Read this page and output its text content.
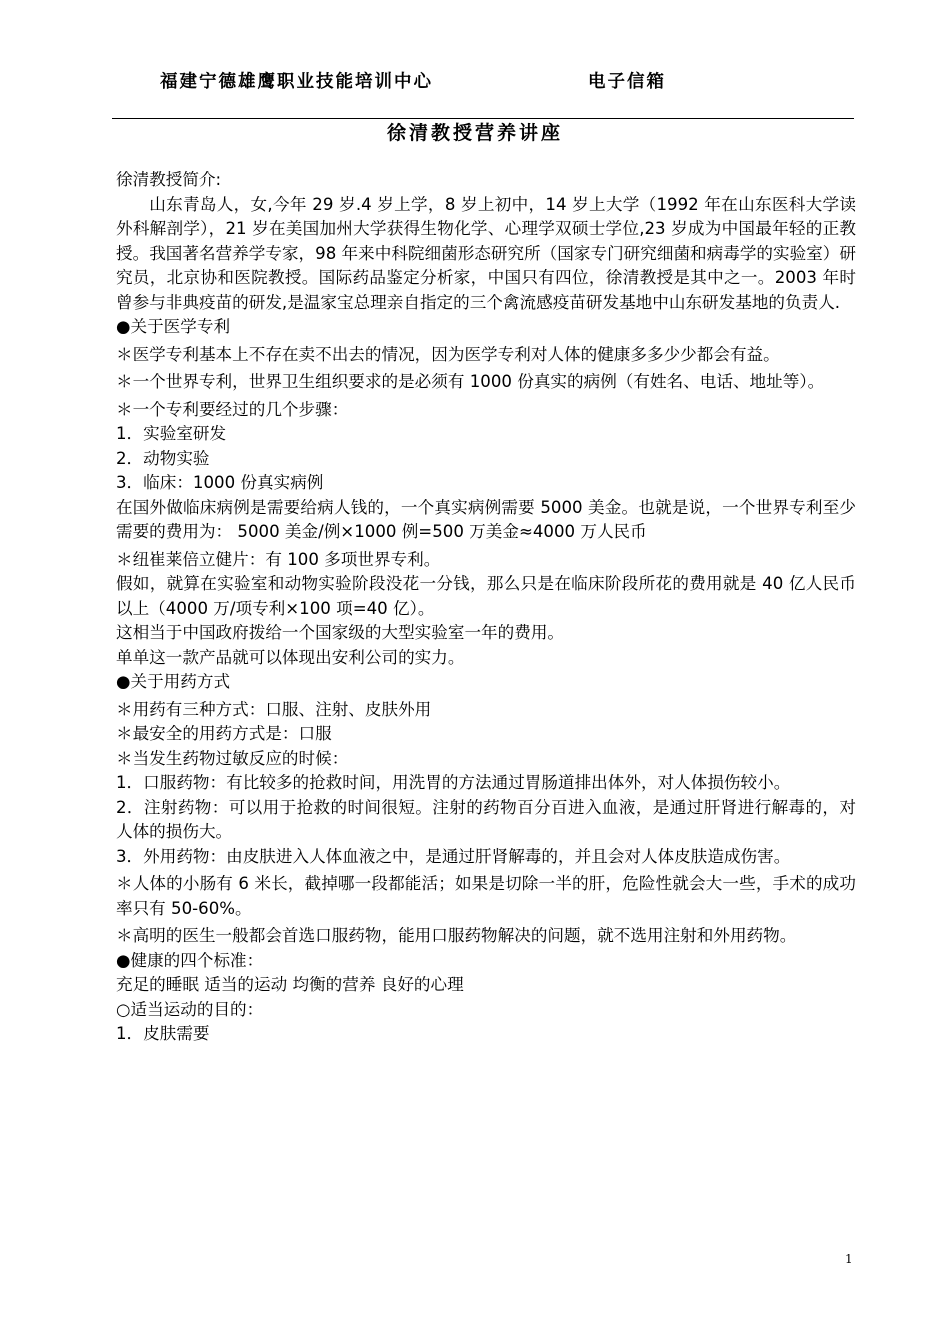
福建宁德雄鹰职业技能培训中心	电子信箱
徐清教授营养讲座

徐清教授简介:

山东青岛人，女,今年 29 岁.4 岁上学，8 岁上初中，14 岁上大学（1992 年在山东医科大学读外科解剖学），21 岁在美国加州大学获得生物化学、心理学双硕士学位,23 岁成为中国最年轻的正教授。我国著名营养学专家，98 年来中科院细菌形态研究所（国家专门研究细菌和病毒学的实验室）研究员，北京协和医院教授。国际药品鉴定分析家，中国只有四位，徐清教授是其中之一。2003 年时曾参与非典疫苗的研发,是温家宝总理亲自指定的三个禽流感疫苗研发基地中山东研发基地的负责人.

●关于医学专利

＊医学专利基本上不存在卖不出去的情况，因为医学专利对人体的健康多多少少都会有益。

＊一个世界专利，世界卫生组织要求的是必须有 1000 份真实的病例（有姓名、电话、地址等）。

＊一个专利要经过的几个步骤：

1．实验室研发

2．动物实验

3．临床：1000 份真实病例

在国外做临床病例是需要给病人钱的，一个真实病例需要 5000 美金。也就是说，一个世界专利至少需要的费用为： 5000 美金/例×1000 例=500 万美金≈4000 万人民币

＊纽崔莱倍立健片：有 100 多项世界专利。

假如，就算在实验室和动物实验阶段没花一分钱，那么只是在临床阶段所花的费用就是 40 亿人民币以上（4000 万/项专利×100 项=40 亿）。

这相当于中国政府拨给一个国家级的大型实验室一年的费用。

单单这一款产品就可以体现出安利公司的实力。

●关于用药方式

＊用药有三种方式：口服、注射、皮肤外用

＊最安全的用药方式是：口服

＊当发生药物过敏反应的时候：

1．口服药物：有比较多的抢救时间，用洗胃的方法通过胃肠道排出体外，对人体损伤较小。

2．注射药物：可以用于抢救的时间很短。注射的药物百分百进入血液，是通过肝肾进行解毒的，对人体的损伤大。

3．外用药物：由皮肤进入人体血液之中，是通过肝肾解毒的，并且会对人体皮肤造成伤害。

＊人体的小肠有 6 米长，截掉哪一段都能活；如果是切除一半的肝，危险性就会大一些，手术的成功率只有 50-60%。

＊高明的医生一般都会首选口服药物，能用口服药物解决的问题，就不选用注射和外用药物。

●健康的四个标准：

充足的睡眠 适当的运动 均衡的营养 良好的心理

○适当运动的目的：

1．皮肤需要

1
